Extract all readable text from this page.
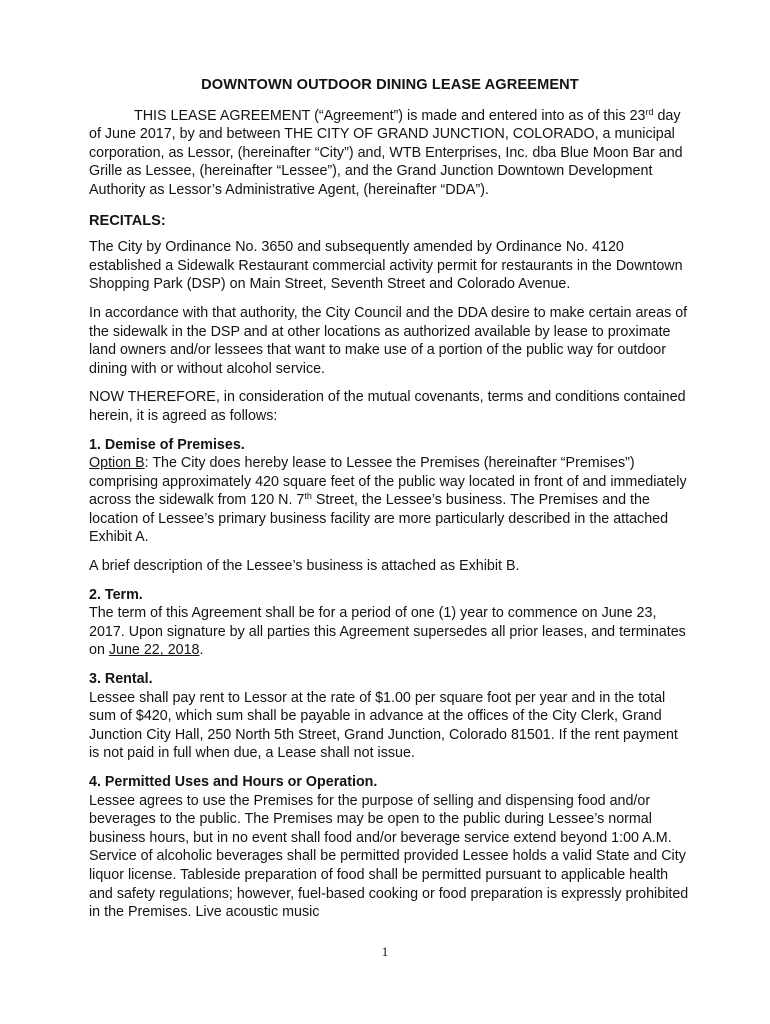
DOWNTOWN OUTDOOR DINING LEASE AGREEMENT

THIS LEASE AGREEMENT (“Agreement”) is made and entered into as of this 23rd day of June 2017, by and between THE CITY OF GRAND JUNCTION, COLORADO, a municipal corporation, as Lessor, (hereinafter “City”) and, WTB Enterprises, Inc. dba Blue Moon Bar and Grille as Lessee, (hereinafter “Lessee”), and the Grand Junction Downtown Development Authority as Lessor’s Administrative Agent, (hereinafter “DDA”).

RECITALS:

The City by Ordinance No. 3650 and subsequently amended by Ordinance No. 4120 established a Sidewalk Restaurant commercial activity permit for restaurants in the Downtown Shopping Park (DSP) on Main Street, Seventh Street and Colorado Avenue.

In accordance with that authority, the City Council and the DDA desire to make certain areas of the sidewalk in the DSP and at other locations as authorized available by lease to proximate land owners and/or lessees that want to make use of a portion of the public way for outdoor dining with or without alcohol service.

NOW THEREFORE, in consideration of the mutual covenants, terms and conditions contained herein, it is agreed as follows:

1. Demise of Premises.
Option B: The City does hereby lease to Lessee the Premises (hereinafter “Premises”) comprising approximately 420 square feet of the public way located in front of and immediately across the sidewalk from 120 N. 7th Street, the Lessee’s business. The Premises and the location of Lessee’s primary business facility are more particularly described in the attached Exhibit A.

A brief description of the Lessee’s business is attached as Exhibit B.

2. Term.
The term of this Agreement shall be for a period of one (1) year to commence on June 23, 2017. Upon signature by all parties this Agreement supersedes all prior leases, and terminates on June 22, 2018.

3. Rental.
Lessee shall pay rent to Lessor at the rate of $1.00 per square foot per year and in the total sum of $420, which sum shall be payable in advance at the offices of the City Clerk, Grand Junction City Hall, 250 North 5th Street, Grand Junction, Colorado 81501. If the rent payment is not paid in full when due, a Lease shall not issue.

4. Permitted Uses and Hours or Operation.
Lessee agrees to use the Premises for the purpose of selling and dispensing food and/or beverages to the public. The Premises may be open to the public during Lessee’s normal business hours, but in no event shall food and/or beverage service extend beyond 1:00 A.M. Service of alcoholic beverages shall be permitted provided Lessee holds a valid State and City liquor license. Tableside preparation of food shall be permitted pursuant to applicable health and safety regulations; however, fuel-based cooking or food preparation is expressly prohibited in the Premises. Live acoustic music

1
